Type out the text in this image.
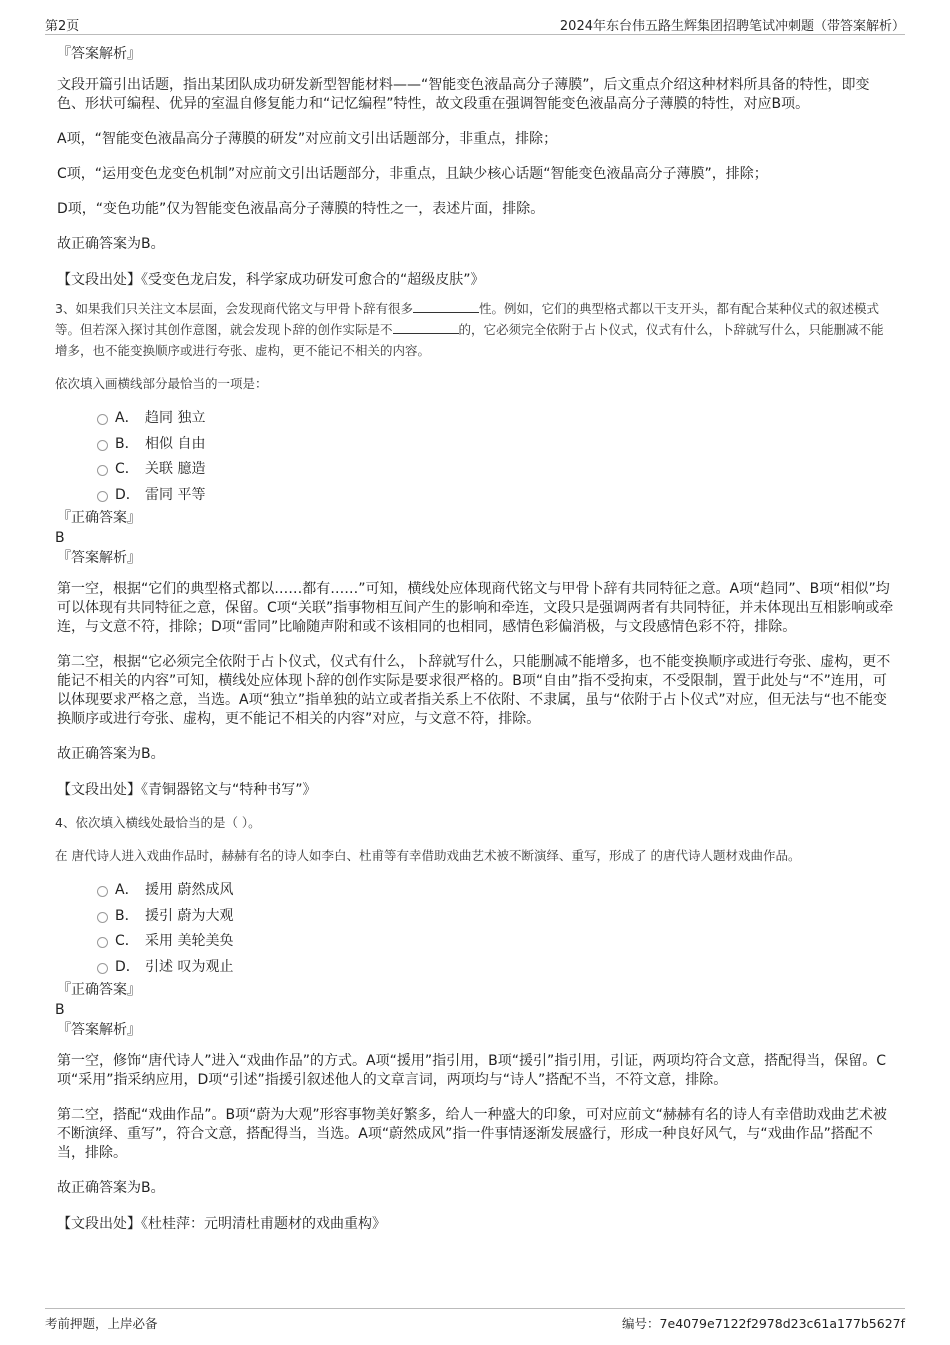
第2页	2024年东台伟五路生辉集团招聘笔试冲刺题（带答案解析）

『答案解析』

文段开篇引出话题，指出某团队成功研发新型智能材料——“智能变色液晶高分子薄膜”，后文重点介绍这种材料所具备的特性，即变色、形状可编程、优异的室温自修复能力和“记忆编程”特性，故文段重在强调智能变色液晶高分子薄膜的特性，对应B项。

A项，“智能变色液晶高分子薄膜的研发”对应前文引出话题部分，非重点，排除；

C项，“运用变色龙变色机制”对应前文引出话题部分，非重点，且缺少核心话题“智能变色液晶高分子薄膜”，排除；

D项，“变色功能”仅为智能变色液晶高分子薄膜的特性之一，表述片面，排除。

故正确答案为B。

【文段出处】《受变色龙启发，科学家成功研发可愈合的“超级皮肤”》

3、如果我们只关注文本层面，会发现商代铭文与甲骨卜辞有很多	性。例如，它们的典型格式都以干支开头，都有配合某种仪式的叙述模式等。但若深入探讨其创作意图，就会发现卜辞的创作实际是不	的，它必须完全依附于占卜仪式，仪式有什么，卜辞就写什么，只能删减不能增多，也不能变换顺序或进行夸张、虚构，更不能记不相关的内容。

依次填入画横线部分最恰当的一项是：

A． 趋同 独立
B． 相似 自由
C． 关联 臆造
D． 雷同 平等

『正确答案』

B

『答案解析』

第一空，根据“它们的典型格式都以……都有……”可知，横线处应体现商代铭文与甲骨卜辞有共同特征之意。A项“趋同”、B项“相似”均可以体现有共同特征之意，保留。C项“关联”指事物相互间产生的影响和牵连，文段只是强调两者有共同特征，并未体现出互相影响或牵连，与文意不符，排除；D项“雷同”比喻随声附和或不该相同的也相同，感情色彩偏消极，与文段感情色彩不符，排除。

第二空，根据“它必须完全依附于占卜仪式，仪式有什么，卜辞就写什么，只能删减不能增多，也不能变换顺序或进行夸张、虚构，更不能记不相关的内容”可知，横线处应体现卜辞的创作实际是要求很严格的。B项“自由”指不受拘束，不受限制，置于此处与“不”连用，可以体现要求严格之意，当选。A项“独立”指单独的站立或者指关系上不依附、不隶属，虽与“依附于占卜仪式”对应，但无法与“也不能变换顺序或进行夸张、虚构，更不能记不相关的内容”对应，与文意不符，排除。

故正确答案为B。

【文段出处】《青铜器铭文与“特种书写”》

4、依次填入横线处最恰当的是（ ）。

在 唐代诗人进入戏曲作品时，赫赫有名的诗人如李白、杜甫等有幸借助戏曲艺术被不断演绎、重写，形成了 的唐代诗人题材戏曲作品。

A． 援用 蔚然成风
B． 援引 蔚为大观
C． 采用 美轮美奂
D． 引述 叹为观止

『正确答案』

B

『答案解析』

第一空，修饰“唐代诗人”进入“戏曲作品”的方式。A项“援用”指引用，B项“援引”指引用，引证，两项均符合文意，搭配得当，保留。C项“采用”指采纳应用，D项“引述”指援引叙述他人的文章言词，两项均与“诗人”搭配不当，不符文意，排除。

第二空，搭配“戏曲作品”。B项“蔚为大观”形容事物美好繁多，给人一种盛大的印象，可对应前文“赫赫有名的诗人有幸借助戏曲艺术被不断演绎、重写”，符合文意，搭配得当，当选。A项“蔚然成风”指一件事情逐渐发展盛行，形成一种良好风气，与“戏曲作品”搭配不当，排除。

故正确答案为B。

【文段出处】《杜桂萍：元明清杜甫题材的戏曲重构》

考前押题，上岸必备	编号：7e4079e7122f2978d23c61a177b5627f
